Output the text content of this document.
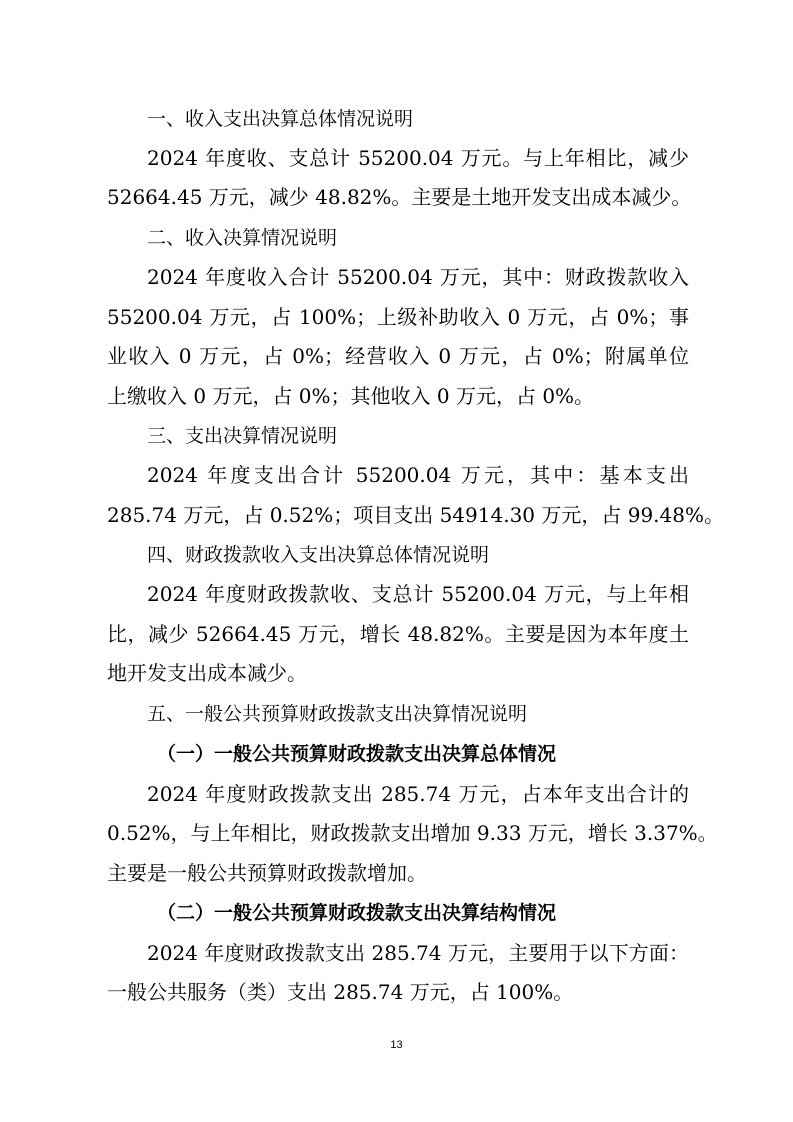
一、收入支出决算总体情况说明
2024 年度收、支总计 55200.04 万元。与上年相比，减少
52664.45 万元，减少 48.82%。主要是土地开发支出成本减少。
二、收入决算情况说明
2024 年度收入合计 55200.04 万元，其中：财政拨款收入
55200.04 万元，占 100%；上级补助收入 0 万元，占 0%；事
业收入 0 万元，占 0%；经营收入 0 万元，占 0%；附属单位
上缴收入 0 万元，占 0%；其他收入 0 万元，占 0%。
三、支出决算情况说明
2024 年度支出合计 55200.04 万元，其中：基本支出
285.74 万元，占 0.52%；项目支出 54914.30 万元，占 99.48%。
四、财政拨款收入支出决算总体情况说明
2024 年度财政拨款收、支总计 55200.04 万元，与上年相
比，减少 52664.45 万元，增长 48.82%。主要是因为本年度土
地开发支出成本减少。
五、一般公共预算财政拨款支出决算情况说明
（一）一般公共预算财政拨款支出决算总体情况
2024 年度财政拨款支出 285.74 万元，占本年支出合计的
0.52%，与上年相比，财政拨款支出增加 9.33 万元，增长 3.37%。
主要是一般公共预算财政拨款增加。
（二）一般公共预算财政拨款支出决算结构情况
2024 年度财政拨款支出 285.74 万元，主要用于以下方面：
一般公共服务（类）支出 285.74 万元，占 100%。
13
